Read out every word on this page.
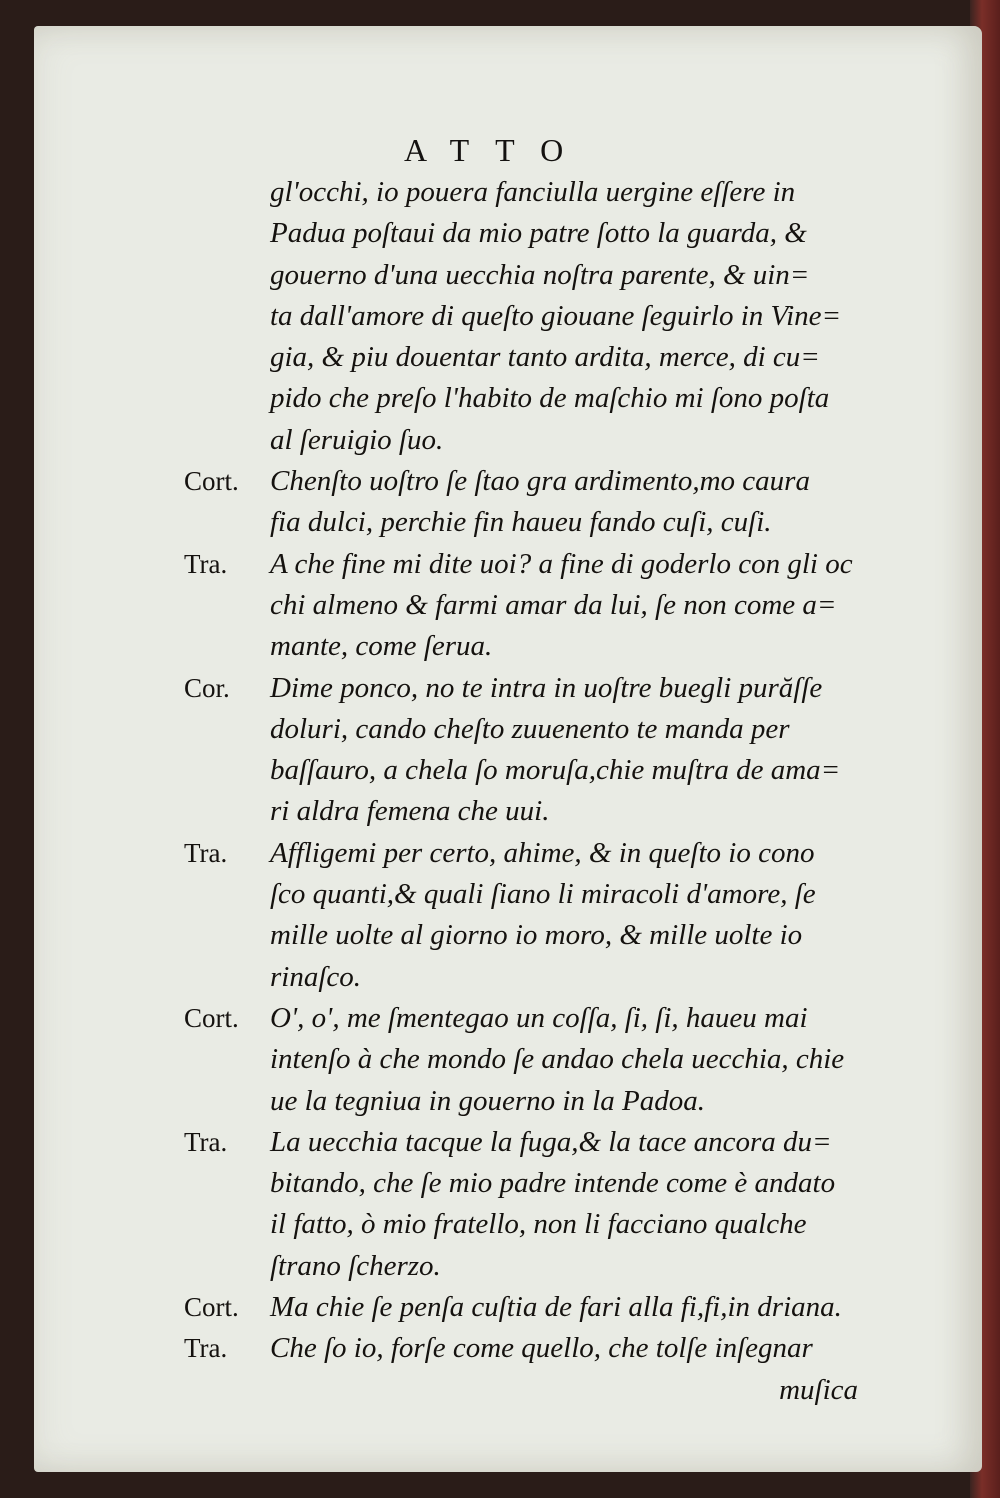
ATTO
gl'occhi, io pouera fanciulla uergine eſſere in
Padua poſtaui da mio patre ſotto la guarda, &
gouerno d'una uecchia noſtra parente, & uin=
ta dall'amore di queſto giouane ſeguirlo in Vine=
gia, & piu douentar tanto ardita, merce, di cu=
pido che preſo l'habito de maſchio mi ſono poſta
al ſeruigio ſuo.
Cort. Chenſto uoſtro ſe ſtao gra ardimento,mo caura
fia dulci, perchie fin haueu fando cuſi, cuſi.
Tra. A che fine mi dite uoi? a fine di goderlo con gli oc
chi almeno & farmi amar da lui, ſe non come a=
mante, come ſerua.
Cor. Dime ponco, no te intra in uoſtre buegli purăſſe
doluri, cando cheſto zuuenento te manda per
baſſauro, a chela ſo moruſa,chie muſtra de ama=
ri aldra femena che uui.
Tra. Affligemi per certo, ahime, & in queſto io cono
ſco quanti,& quali ſiano li miracoli d'amore, ſe
mille uolte al giorno io moro, & mille uolte io
rinaſco.
Cort. O', o', me ſmentegao un coſſa, ſi, ſi, haueu mai
intenſo à che mondo ſe andao chela uecchia, chie
ue la tegniua in gouerno in la Padoa.
Tra. La uecchia tacque la fuga,& la tace ancora du=
bitando, che ſe mio padre intende come è andato
il fatto, ò mio fratello, non li facciano qualche
ſtrano ſcherzo.
Cort. Ma chie ſe penſa cuſtia de fari alla fi,fi,in driana.
Tra. Che ſo io, forſe come quello, che tolſe inſegnar
muſica
